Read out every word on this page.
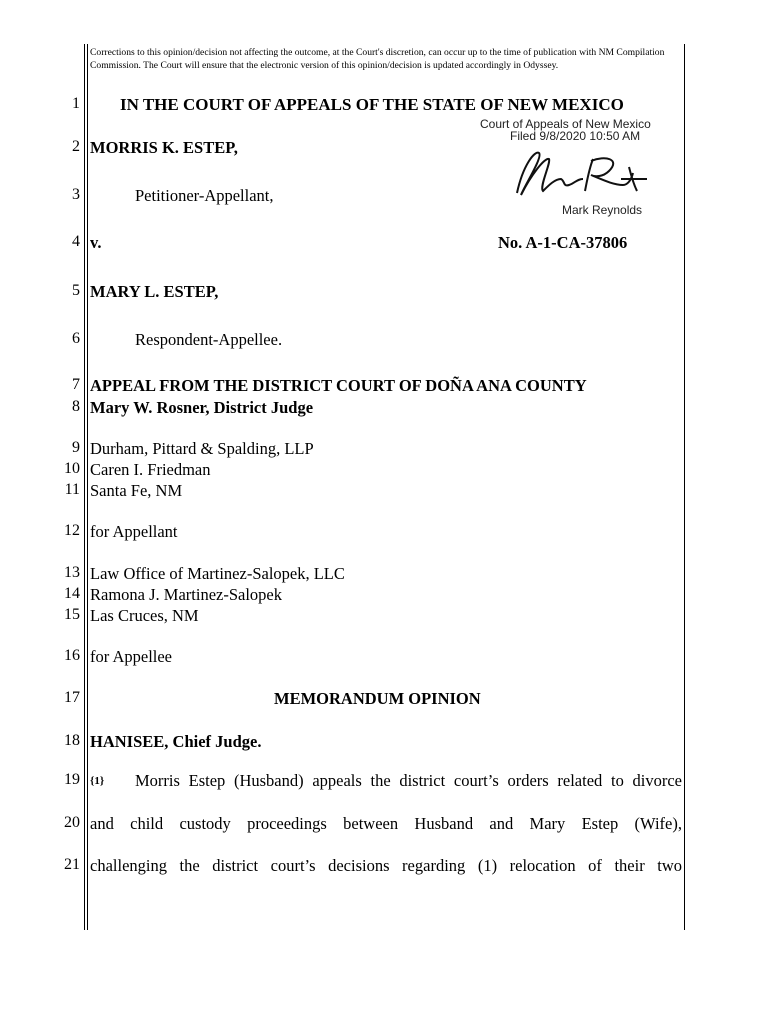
Corrections to this opinion/decision not affecting the outcome, at the Court's discretion, can occur up to the time of publication with NM Compilation Commission. The Court will ensure that the electronic version of this opinion/decision is updated accordingly in Odyssey.
1
2
3
4
5
6
7
8
9
10
11
12
13
14
15
16
17
18
19
20
21
IN THE COURT OF APPEALS OF THE STATE OF NEW MEXICO
Court of Appeals of New Mexico
Filed 9/8/2020 10:50 AM
Mark Reynolds
MORRIS K. ESTEP,
Petitioner-Appellant,
v.	No. A-1-CA-37806
MARY L. ESTEP,
Respondent-Appellee.
APPEAL FROM THE DISTRICT COURT OF DOÑA ANA COUNTY
Mary W. Rosner, District Judge
Durham, Pittard & Spalding, LLP
Caren I. Friedman
Santa Fe, NM
for Appellant
Law Office of Martinez-Salopek, LLC
Ramona J. Martinez-Salopek
Las Cruces, NM
for Appellee
MEMORANDUM OPINION
HANISEE, Chief Judge.
{1} Morris Estep (Husband) appeals the district court’s orders related to divorce
and child custody proceedings between Husband and Mary Estep (Wife),
challenging the district court’s decisions regarding (1) relocation of their two
